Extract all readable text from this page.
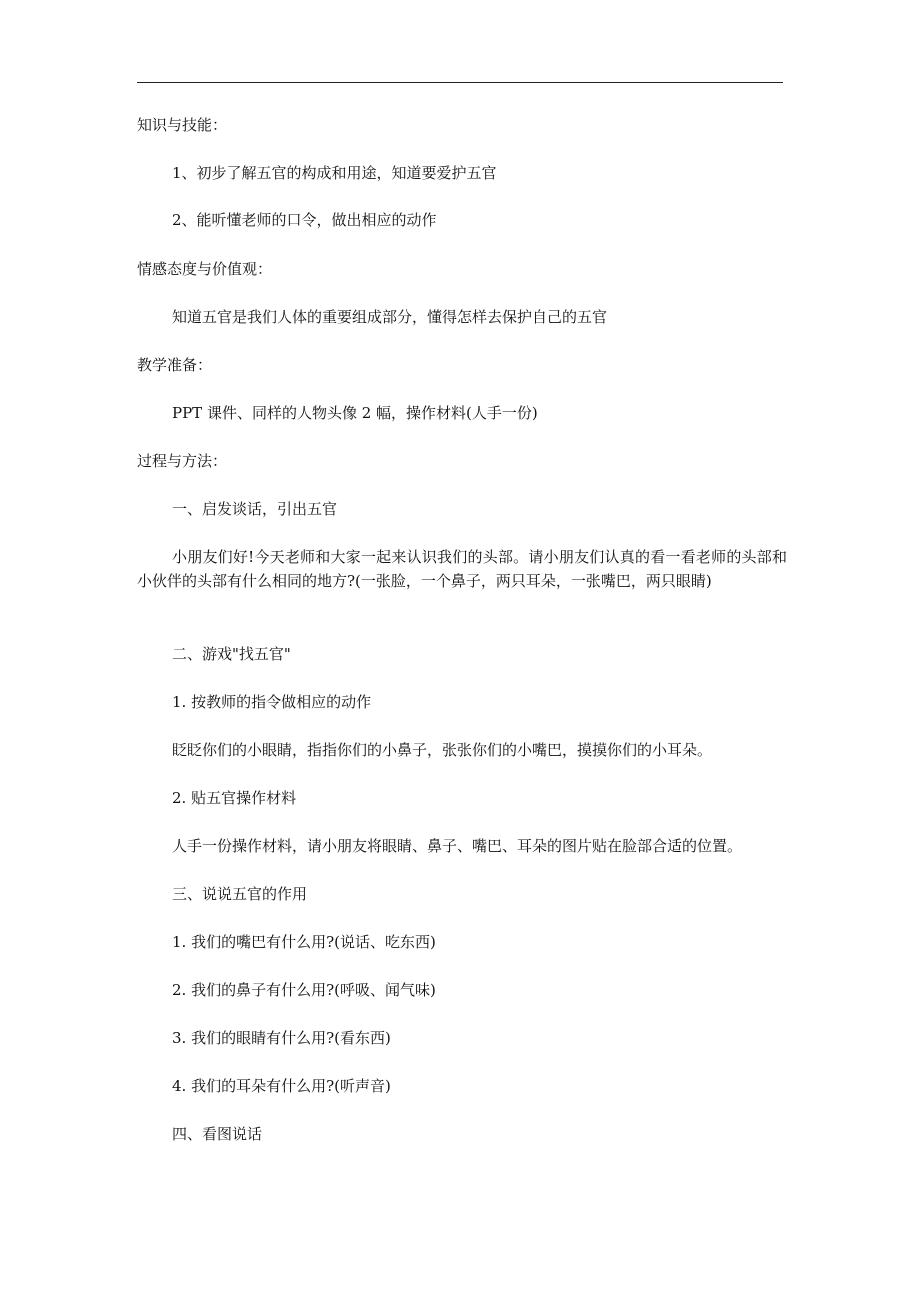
知识与技能：
1、初步了解五官的构成和用途，知道要爱护五官
2、能听懂老师的口令，做出相应的动作
情感态度与价值观：
知道五官是我们人体的重要组成部分，懂得怎样去保护自己的五官
教学准备：
PPT 课件、同样的人物头像 2 幅，操作材料(人手一份)
过程与方法：
一、启发谈话，引出五官
小朋友们好!今天老师和大家一起来认识我们的头部。请小朋友们认真的看一看老师的头部和小伙伴的头部有什么相同的地方?(一张脸，一个鼻子，两只耳朵，一张嘴巴，两只眼睛)
二、游戏"找五官"
1. 按教师的指令做相应的动作
眨眨你们的小眼睛，指指你们的小鼻子，张张你们的小嘴巴，摸摸你们的小耳朵。
2. 贴五官操作材料
人手一份操作材料，请小朋友将眼睛、鼻子、嘴巴、耳朵的图片贴在脸部合适的位置。
三、说说五官的作用
1. 我们的嘴巴有什么用?(说话、吃东西)
2. 我们的鼻子有什么用?(呼吸、闻气味)
3. 我们的眼睛有什么用?(看东西)
4. 我们的耳朵有什么用?(听声音)
四、看图说话
